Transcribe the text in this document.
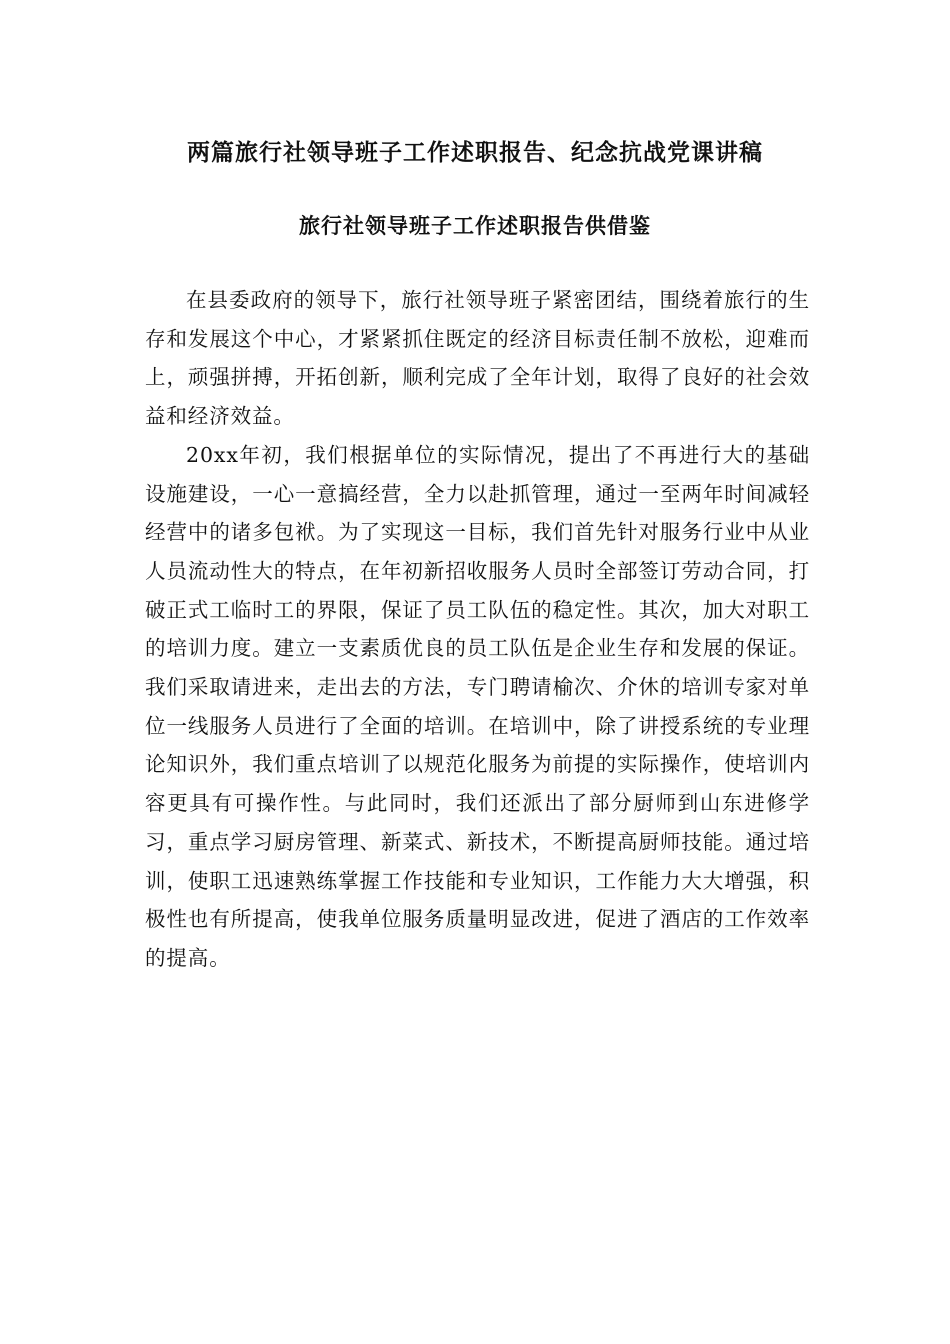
两篇旅行社领导班子工作述职报告、纪念抗战党课讲稿
旅行社领导班子工作述职报告供借鉴

在县委政府的领导下，旅行社领导班子紧密团结，围绕着旅行的生存和发展这个中心，才紧紧抓住既定的经济目标责任制不放松，迎难而上，顽强拼搏，开拓创新，顺利完成了全年计划，取得了良好的社会效益和经济效益。

20xx年初，我们根据单位的实际情况，提出了不再进行大的基础设施建设，一心一意搞经营，全力以赴抓管理，通过一至两年时间减轻经营中的诸多包袱。为了实现这一目标，我们首先针对服务行业中从业人员流动性大的特点，在年初新招收服务人员时全部签订劳动合同，打破正式工临时工的界限，保证了员工队伍的稳定性。其次，加大对职工的培训力度。建立一支素质优良的员工队伍是企业生存和发展的保证。我们采取请进来，走出去的方法，专门聘请榆次、介休的培训专家对单位一线服务人员进行了全面的培训。在培训中，除了讲授系统的专业理论知识外，我们重点培训了以规范化服务为前提的实际操作，使培训内容更具有可操作性。与此同时，我们还派出了部分厨师到山东进修学习，重点学习厨房管理、新菜式、新技术，不断提高厨师技能。通过培训，使职工迅速熟练掌握工作技能和专业知识，工作能力大大增强，积极性也有所提高，使我单位服务质量明显改进，促进了酒店的工作效率的提高。
